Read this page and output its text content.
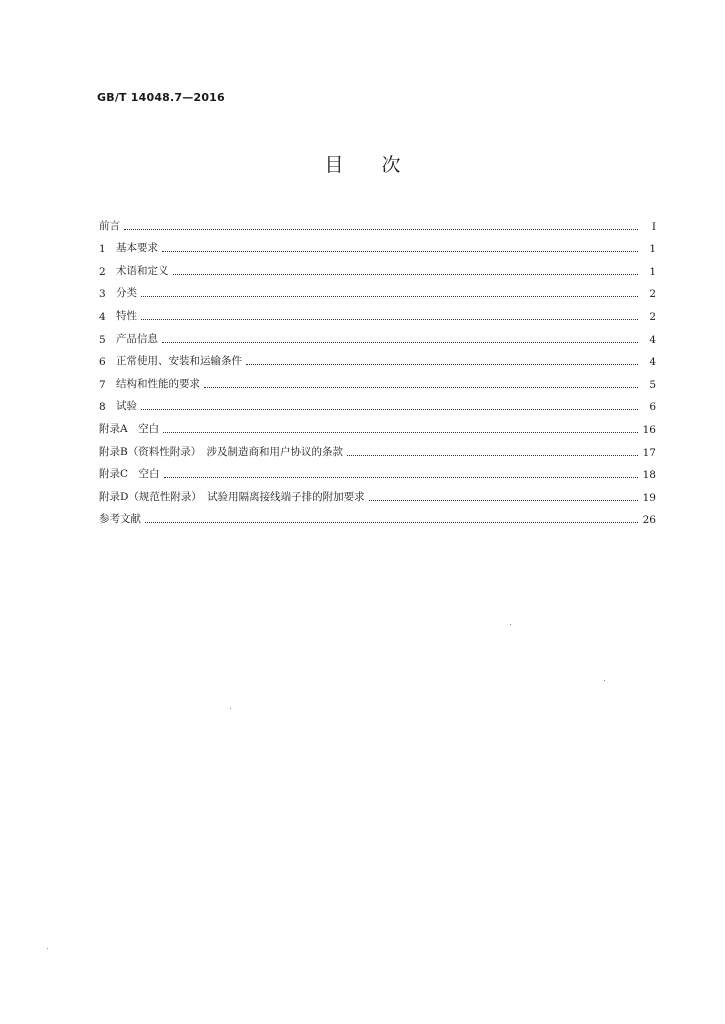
GB/T 14048.7—2016
目次
前言	Ⅰ
1 基本要求	1
2 术语和定义	1
3 分类	2
4 特性	2
5 产品信息	4
6 正常使用、安装和运输条件	4
7 结构和性能的要求	5
8 试验	6
附录A　空白	16
附录B（资料性附录）　涉及制造商和用户协议的条款	17
附录C　空白	18
附录D（规范性附录）　试验用隔离接线端子排的附加要求	19
参考文献	26
